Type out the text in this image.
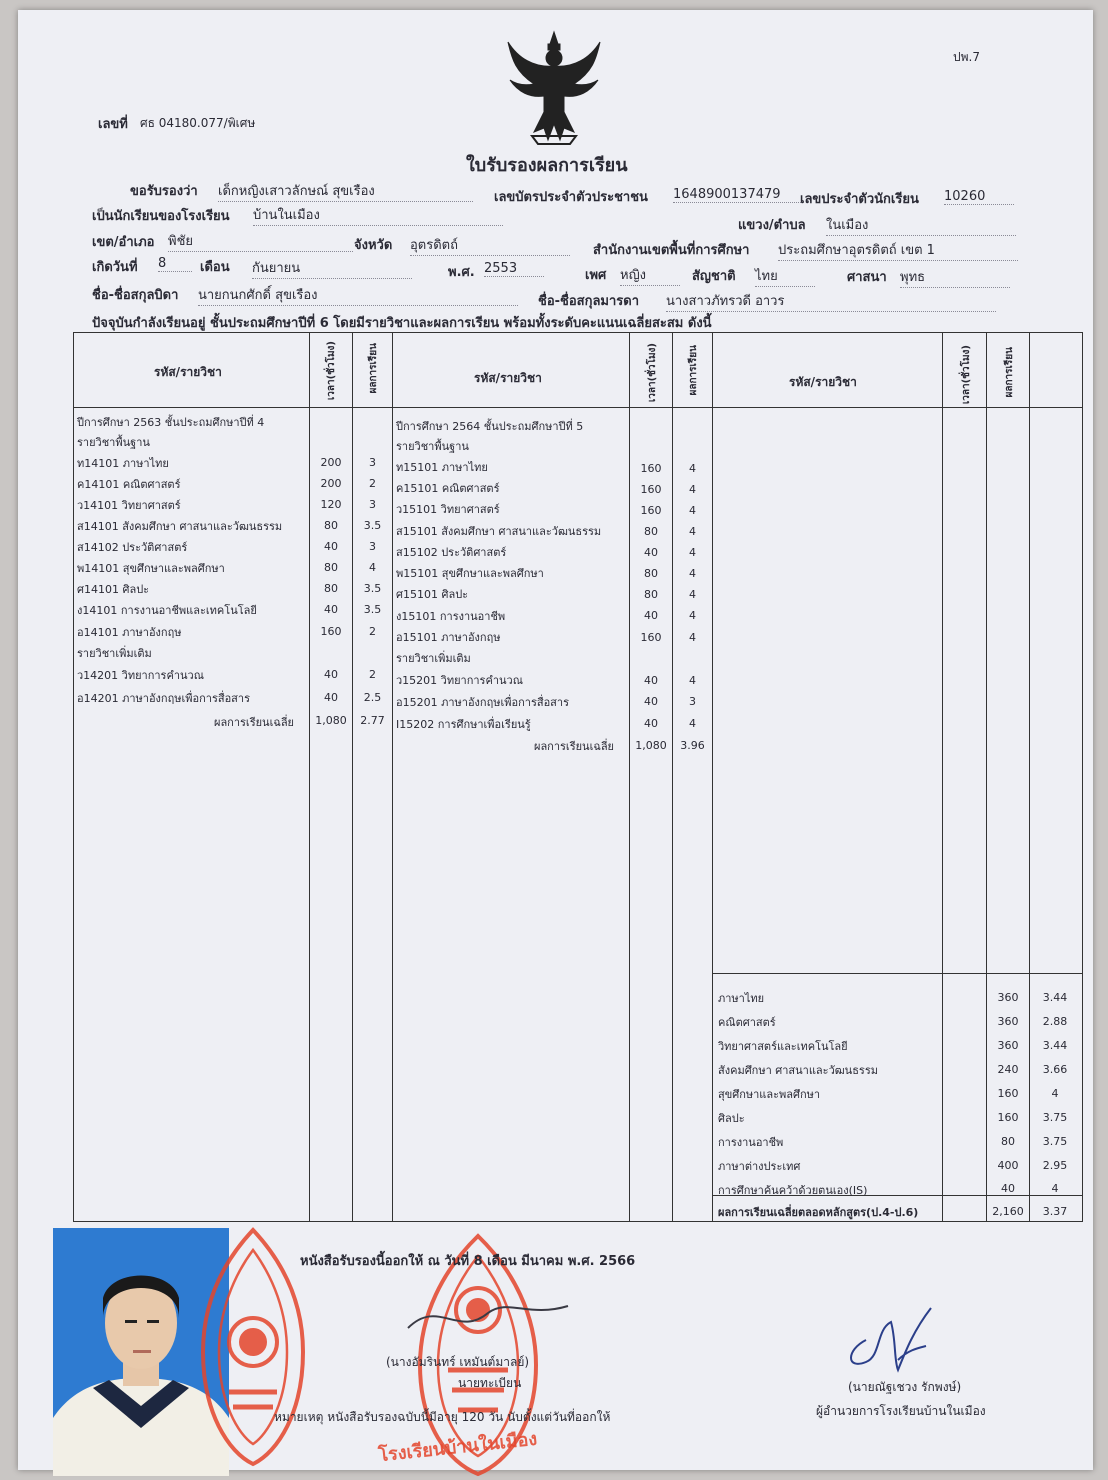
ปพ.7
เลขที่ ศธ 04180.077/พิเศษ
ใบรับรองผลการเรียน
ขอรับรองว่า เด็กหญิงเสาวลักษณ์ สุขเรือง	เลขบัตรประจำตัวประชาชน 1648900137479	เลขประจำตัวนักเรียน 10260
เป็นนักเรียนของโรงเรียน บ้านในเมือง
แขวง/ตำบล ในเมือง
เขต/อำเภอ พิชัย	จังหวัด อุตรดิตถ์	สำนักงานเขตพื้นที่การศึกษา ประถมศึกษาอุตรดิตถ์ เขต 1
เกิดวันที่ 8	เดือน กันยายน	พ.ศ. 2553	เพศ หญิง	สัญชาติ ไทย	ศาสนา พุทธ
ชื่อ-ชื่อสกุลบิดา นายกนกศักดิ์ สุขเรือง	ชื่อ-ชื่อสกุลมารดา นางสาวภัทรวดี อาวร
ปัจจุบันกำลังเรียนอยู่ ชั้นประถมศึกษาปีที่ 6 โดยมีรายวิชาและผลการเรียน พร้อมทั้งระดับคะแนนเฉลี่ยสะสม ดังนี้
รหัส/รายวิชา	เวลา(ชั่วโมง)	ผลการเรียน	รหัส/รายวิชา	เวลา(ชั่วโมง)	ผลการเรียน	รหัส/รายวิชา	เวลา(ชั่วโมง)	ผลการเรียน
ปีการศึกษา 2563 ชั้นประถมศึกษาปีที่ 4
รายวิชาพื้นฐาน
ท14101 ภาษาไทย	200	3
ค14101 คณิตศาสตร์	200	2
ว14101 วิทยาศาสตร์	120	3
ส14101 สังคมศึกษา ศาสนาและวัฒนธรรม	80	3.5
ส14102 ประวัติศาสตร์	40	3
พ14101 สุขศึกษาและพลศึกษา	80	4
ศ14101 ศิลปะ	80	3.5
ง14101 การงานอาชีพและเทคโนโลยี	40	3.5
อ14101 ภาษาอังกฤษ	160	2
รายวิชาเพิ่มเติม
ว14201 วิทยาการคำนวณ	40	2
อ14201 ภาษาอังกฤษเพื่อการสื่อสาร	40	2.5
ผลการเรียนเฉลี่ย	1,080	2.77
ปีการศึกษา 2564 ชั้นประถมศึกษาปีที่ 5
รายวิชาพื้นฐาน
ท15101 ภาษาไทย	160	4
ค15101 คณิตศาสตร์	160	4
ว15101 วิทยาศาสตร์	160	4
ส15101 สังคมศึกษา ศาสนาและวัฒนธรรม	80	4
ส15102 ประวัติศาสตร์	40	4
พ15101 สุขศึกษาและพลศึกษา	80	4
ศ15101 ศิลปะ	80	4
ง15101 การงานอาชีพ	40	4
อ15101 ภาษาอังกฤษ	160	4
รายวิชาเพิ่มเติม
ว15201 วิทยาการคำนวณ	40	4
อ15201 ภาษาอังกฤษเพื่อการสื่อสาร	40	3
I15202 การศึกษาเพื่อเรียนรู้	40	4
ผลการเรียนเฉลี่ย	1,080	3.96
ภาษาไทย	360	3.44
คณิตศาสตร์	360	2.88
วิทยาศาสตร์และเทคโนโลยี	360	3.44
สังคมศึกษา ศาสนาและวัฒนธรรม	240	3.66
สุขศึกษาและพลศึกษา	160	4
ศิลปะ	160	3.75
การงานอาชีพ	80	3.75
ภาษาต่างประเทศ	400	2.95
การศึกษาค้นคว้าด้วยตนเอง(IS)	40	4
ผลการเรียนเฉลี่ยตลอดหลักสูตร(ป.4-ป.6)	2,160	3.37
หนังสือรับรองนี้ออกให้ ณ วันที่ 8 เดือน มีนาคม พ.ศ. 2566
(นางอัมรินทร์ เหมันต์มาลย์)
นายทะเบียน
หมายเหตุ หนังสือรับรองฉบับนี้มีอายุ 120 วัน นับตั้งแต่วันที่ออกให้
(นายณัฐเชวง รักพงษ์)
ผู้อำนวยการโรงเรียนบ้านในเมือง
โรงเรียนบ้านในเมือง
